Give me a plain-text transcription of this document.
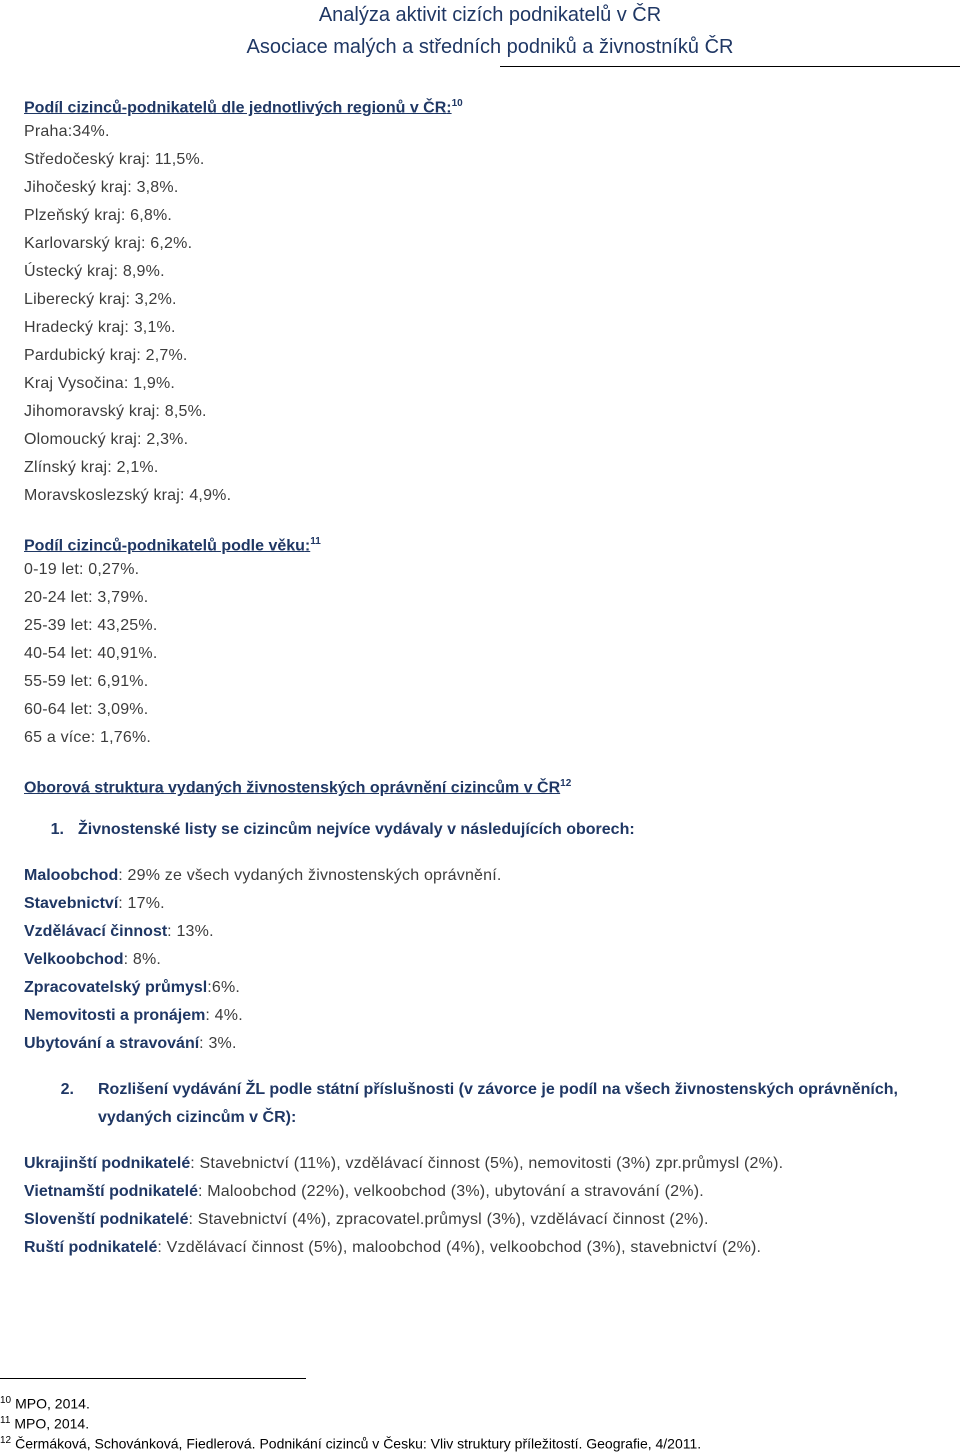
Analýza aktivit cizích podnikatelů v ČR
Asociace malých a středních podniků a živnostníků ČR
Podíl cizinců-podnikatelů dle jednotlivých regionů v ČR:$^{10}$
Praha:34%.
Středočeský kraj: 11,5%.
Jihočeský kraj: 3,8%.
Plzeňský kraj: 6,8%.
Karlovarský kraj: 6,2%.
Ústecký kraj: 8,9%.
Liberecký kraj: 3,2%.
Hradecký kraj: 3,1%.
Pardubický kraj: 2,7%.
Kraj Vysočina: 1,9%.
Jihomoravský kraj: 8,5%.
Olomoucký kraj: 2,3%.
Zlínský kraj: 2,1%.
Moravskoslezský kraj: 4,9%.
Podíl cizinců-podnikatelů podle věku:$^{11}$
0-19 let: 0,27%.
20-24 let: 3,79%.
25-39 let: 43,25%.
40-54 let: 40,91%.
55-59 let: 6,91%.
60-64 let: 3,09%.
65 a více: 1,76%.
Oborová struktura vydaných živnostenských oprávnění cizincům v ČR$^{12}$
1. Živnostenské listy se cizincům nejvíce vydávaly v následujících oborech:
Maloobchod: 29% ze všech vydaných živnostenských oprávnění.
Stavebnictví: 17%.
Vzdělávací činnost: 13%.
Velkoobchod: 8%.
Zpracovatelský průmysl:6%.
Nemovitosti a pronájem: 4%.
Ubytování a stravování: 3%.
2. Rozlišení vydávání ŽL podle státní příslušnosti (v závorce je podíl na všech živnostenských oprávněních, vydaných cizincům v ČR):
Ukrajinští podnikatelé: Stavebnictví (11%), vzdělávací činnost (5%), nemovitosti (3%) zpr.průmysl (2%).
Vietnamští podnikatelé: Maloobchod (22%), velkoobchod (3%), ubytování a stravování (2%).
Slovenští podnikatelé: Stavebnictví (4%), zpracovatel.průmysl (3%), vzdělávací činnost (2%).
Ruští podnikatelé: Vzdělávací činnost (5%), maloobchod (4%), velkoobchod (3%), stavebnictví (2%).
$^{10}$ MPO, 2014.
$^{11}$ MPO, 2014.
$^{12}$ Čermáková, Schovánková, Fiedlerová. Podnikání cizinců v Česku: Vliv struktury příležitostí. Geografie, 4/2011.
